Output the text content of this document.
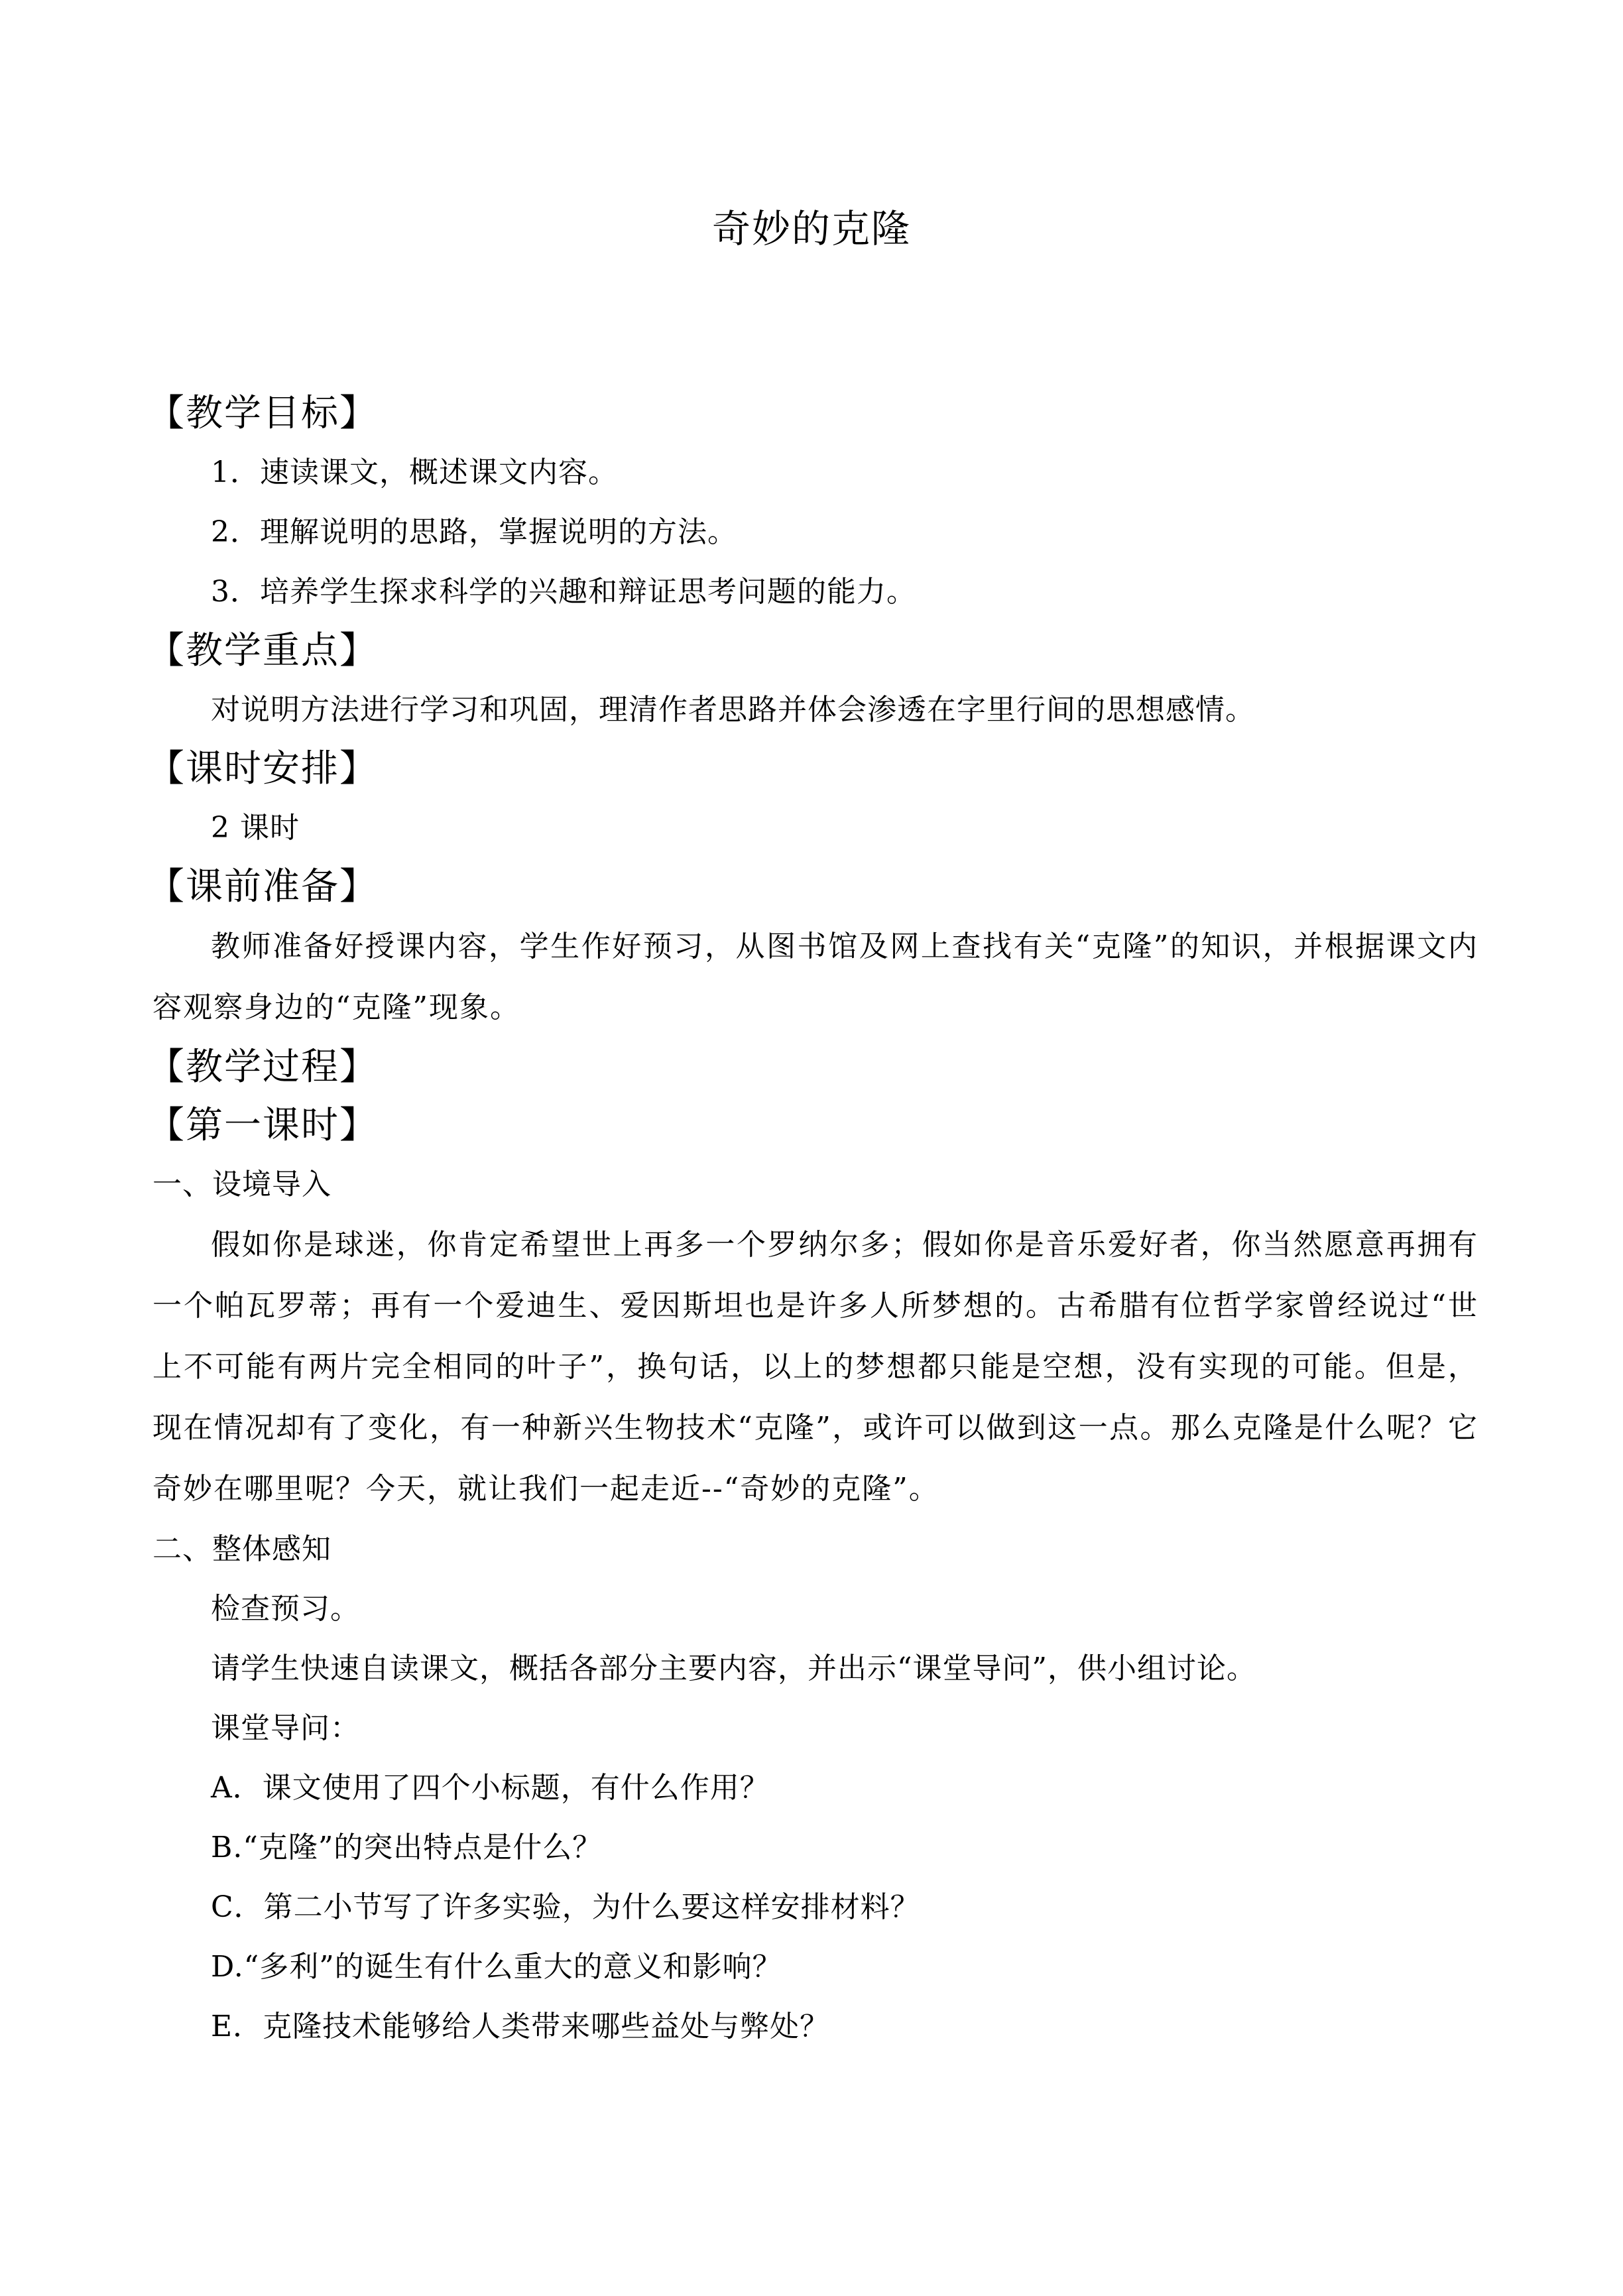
奇妙的克隆
【教学目标】

1．速读课文，概述课文内容。

2．理解说明的思路，掌握说明的方法。

3．培养学生探求科学的兴趣和辩证思考问题的能力。

【教学重点】

对说明方法进行学习和巩固，理清作者思路并体会渗透在字里行间的思想感情。

【课时安排】

2 课时

【课前准备】

教师准备好授课内容，学生作好预习，从图书馆及网上查找有关“克隆”的知识，并根据课文内容观察身边的“克隆”现象。

【教学过程】
【第一课时】

一、设境导入

假如你是球迷，你肯定希望世上再多一个罗纳尔多；假如你是音乐爱好者，你当然愿意再拥有一个帕瓦罗蒂；再有一个爱迪生、爱因斯坦也是许多人所梦想的。古希腊有位哲学家曾经说过“世上不可能有两片完全相同的叶子”，换句话，以上的梦想都只能是空想，没有实现的可能。但是，现在情况却有了变化，有一种新兴生物技术“克隆”，或许可以做到这一点。那么克隆是什么呢？它奇妙在哪里呢？今天，就让我们一起走近--“奇妙的克隆”。

二、整体感知

检查预习。

请学生快速自读课文，概括各部分主要内容，并出示“课堂导问”，供小组讨论。

课堂导问：

A．课文使用了四个小标题，有什么作用？

B.“克隆”的突出特点是什么？

C．第二小节写了许多实验，为什么要这样安排材料？

D.“多利”的诞生有什么重大的意义和影响？

E．克隆技术能够给人类带来哪些益处与弊处？
